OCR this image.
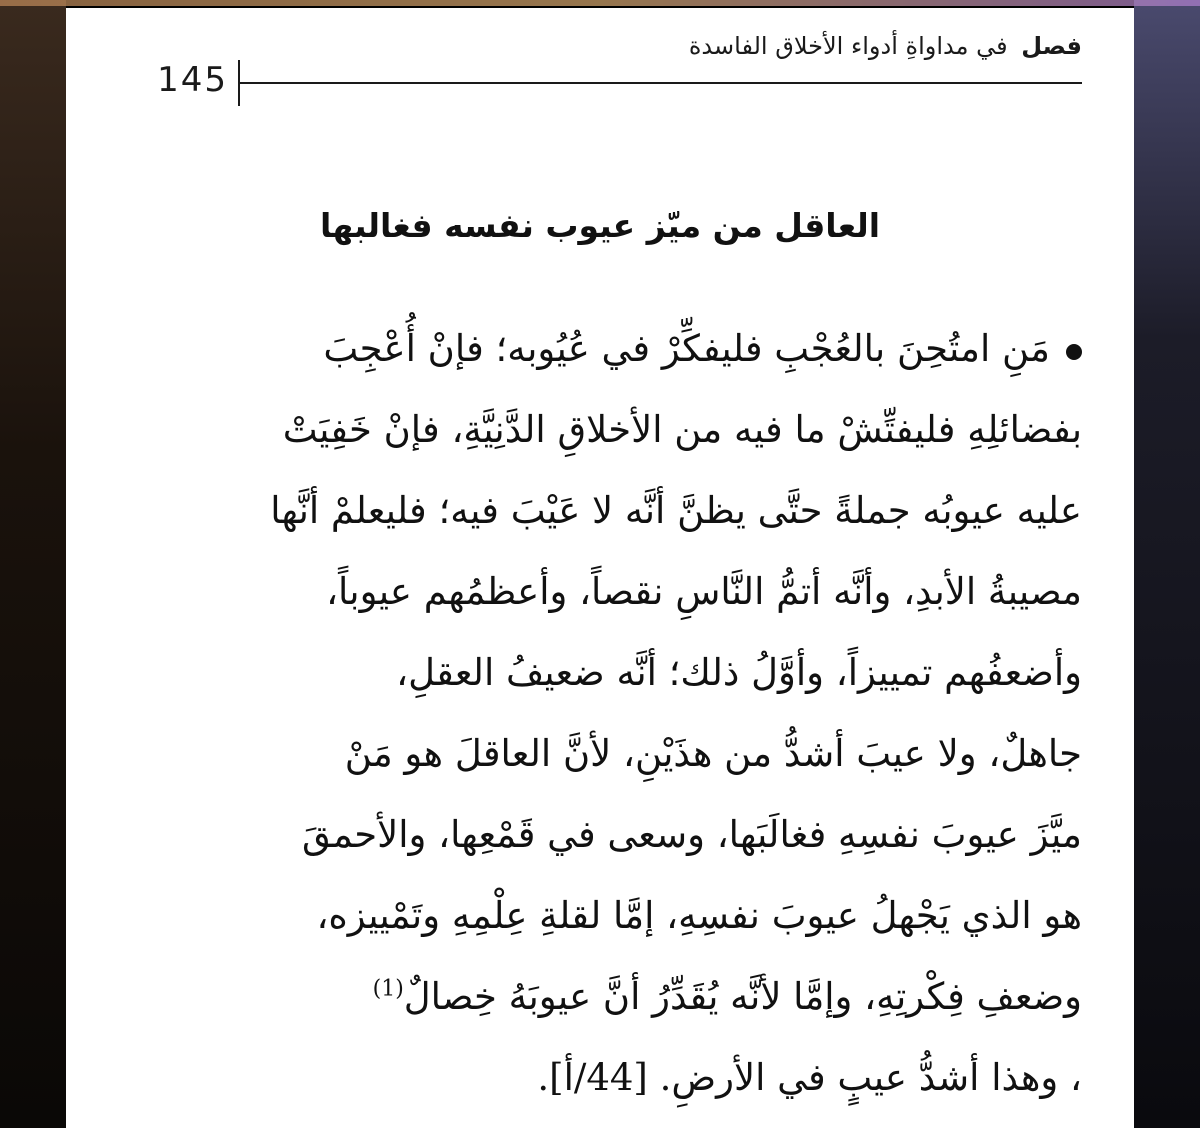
فصل في مداواةِ أدواء الأخلاق الفاسدة
145
العاقل من ميّز عيوب نفسه فغالبها
مَنِ امتُحِنَ بالعُجْبِ فليفكِّرْ في عُيُوبه؛ فإنْ أُعْجِبَ
بفضائلِهِ فليفتِّشْ ما فيه من الأخلاقِ الدَّنِيَّةِ، فإنْ خَفِيَتْ
عليه عيوبُه جملةً حتَّى يظنَّ أنَّه لا عَيْبَ فيه؛ فليعلمْ أنَّها
مصيبةُ الأبدِ، وأنَّه أتمُّ النَّاسِ نقصاً، وأعظمُهم عيوباً،
وأضعفُهم تمييزاً، وأوَّلُ ذلك؛ أنَّه ضعيفُ العقلِ،
جاهلٌ، ولا عيبَ أشدُّ من هذَيْنِ، لأنَّ العاقلَ هو مَنْ
ميَّزَ عيوبَ نفسِهِ فغالَبَها، وسعى في قَمْعِها، والأحمقَ
هو الذي يَجْهلُ عيوبَ نفسِهِ، إمَّا لقلةِ عِلْمِهِ وتَمْييزه،
وضعفِ فِكْرتِهِ، وإمَّا لأنَّه يُقَدِّرُ أنَّ عيوبَهُ خِصالٌ$^{(1)}$
، وهذا أشدُّ عيبٍ في الأرضِ. [44/أ].
